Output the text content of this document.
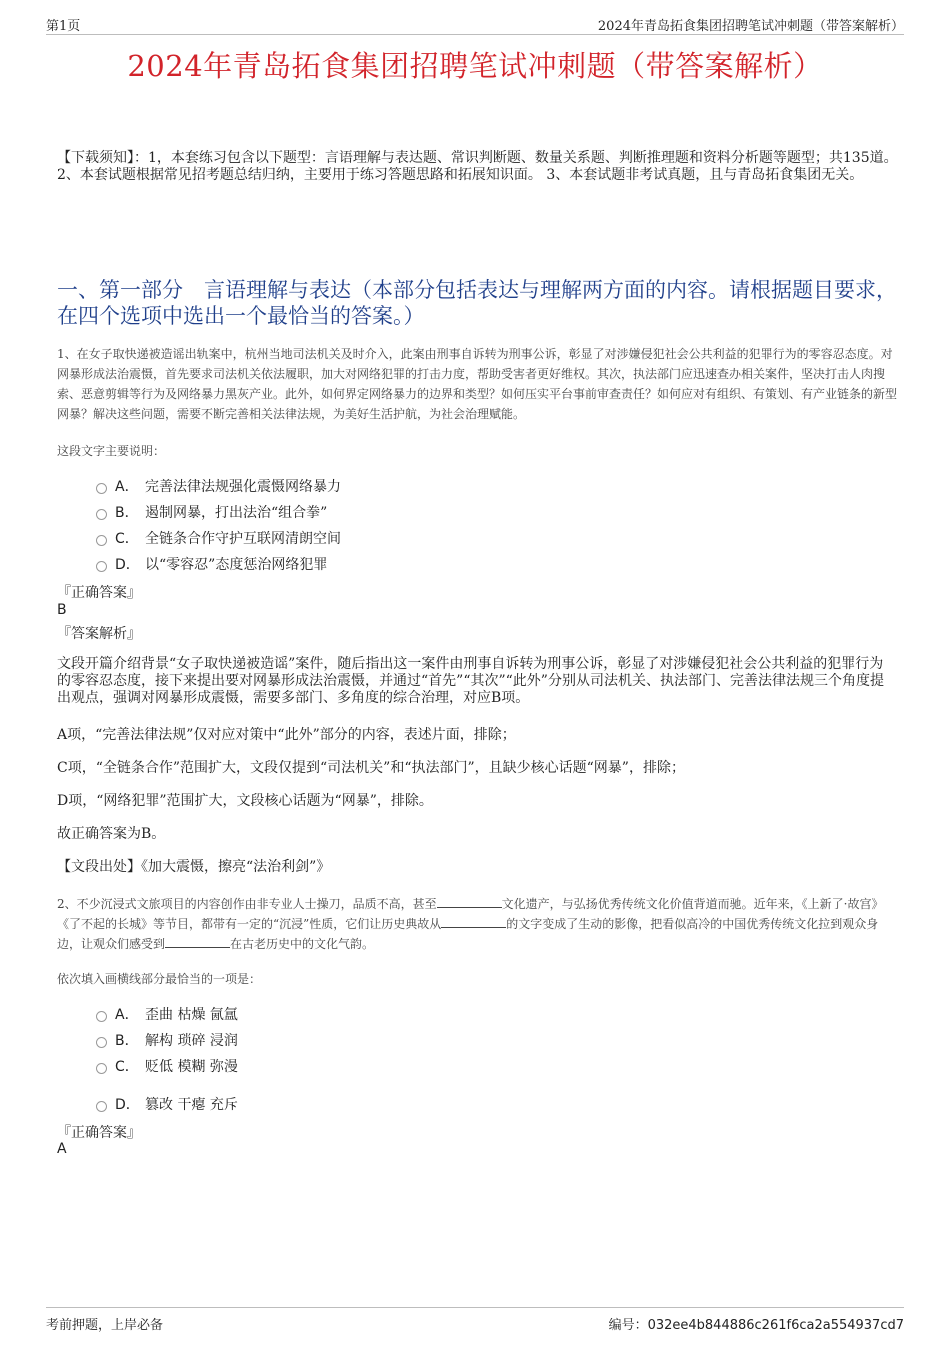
第1页	2024年青岛拓食集团招聘笔试冲刺题（带答案解析）
2024年青岛拓食集团招聘笔试冲刺题（带答案解析）
【下载须知】：1，本套练习包含以下题型：言语理解与表达题、常识判断题、数量关系题、判断推理题和资料分析题等题型；共135道。 2、本套试题根据常见招考题总结归纳，主要用于练习答题思路和拓展知识面。 3、本套试题非考试真题，且与青岛拓食集团无关。
一、第一部分　言语理解与表达（本部分包括表达与理解两方面的内容。请根据题目要求，在四个选项中选出一个最恰当的答案。）
1、在女子取快递被造谣出轨案中，杭州当地司法机关及时介入，此案由刑事自诉转为刑事公诉，彰显了对涉嫌侵犯社会公共利益的犯罪行为的零容忍态度。对网暴形成法治震慑，首先要求司法机关依法履职，加大对网络犯罪的打击力度，帮助受害者更好维权。其次，执法部门应迅速查办相关案件，坚决打击人肉搜索、恶意剪辑等行为及网络暴力黑灰产业。此外，如何界定网络暴力的边界和类型？如何压实平台事前审查责任？如何应对有组织、有策划、有产业链条的新型网暴？解决这些问题，需要不断完善相关法律法规，为美好生活护航，为社会治理赋能。
这段文字主要说明：
A． 完善法律法规强化震慑网络暴力
B． 遏制网暴，打出法治“组合拳”
C． 全链条合作守护互联网清朗空间
D． 以“零容忍”态度惩治网络犯罪
『正确答案』
B
『答案解析』
文段开篇介绍背景“女子取快递被造谣”案件，随后指出这一案件由刑事自诉转为刑事公诉，彰显了对涉嫌侵犯社会公共利益的犯罪行为的零容忍态度，接下来提出要对网暴形成法治震慑，并通过“首先”“其次”“此外”分别从司法机关、执法部门、完善法律法规三个角度提出观点，强调对网暴形成震慑，需要多部门、多角度的综合治理，对应B项。
A项，“完善法律法规”仅对应对策中“此外”部分的内容，表述片面，排除；
C项，“全链条合作”范围扩大，文段仅提到“司法机关”和“执法部门”，且缺少核心话题“网暴”，排除；
D项，“网络犯罪”范围扩大，文段核心话题为“网暴”，排除。
故正确答案为B。
【文段出处】《加大震慑，擦亮“法治利剑”》
2、不少沉浸式文旅项目的内容创作由非专业人士操刀，品质不高，甚至	文化遗产，与弘扬优秀传统文化价值背道而驰。近年来，《上新了·故宫》《了不起的长城》等节目，都带有一定的“沉浸”性质，它们让历史典故从	的文字变成了生动的影像，把看似高冷的中国优秀传统文化拉到观众身边，让观众们感受到	在古老历史中的文化气韵。
依次填入画横线部分最恰当的一项是：
A． 歪曲 枯燥 氤氲
B． 解构 琐碎 浸润
C． 贬低 模糊 弥漫
D． 篡改 干瘪 充斥
『正确答案』
A
考前押题，上岸必备	编号：032ee4b844886c261f6ca2a554937cd7
